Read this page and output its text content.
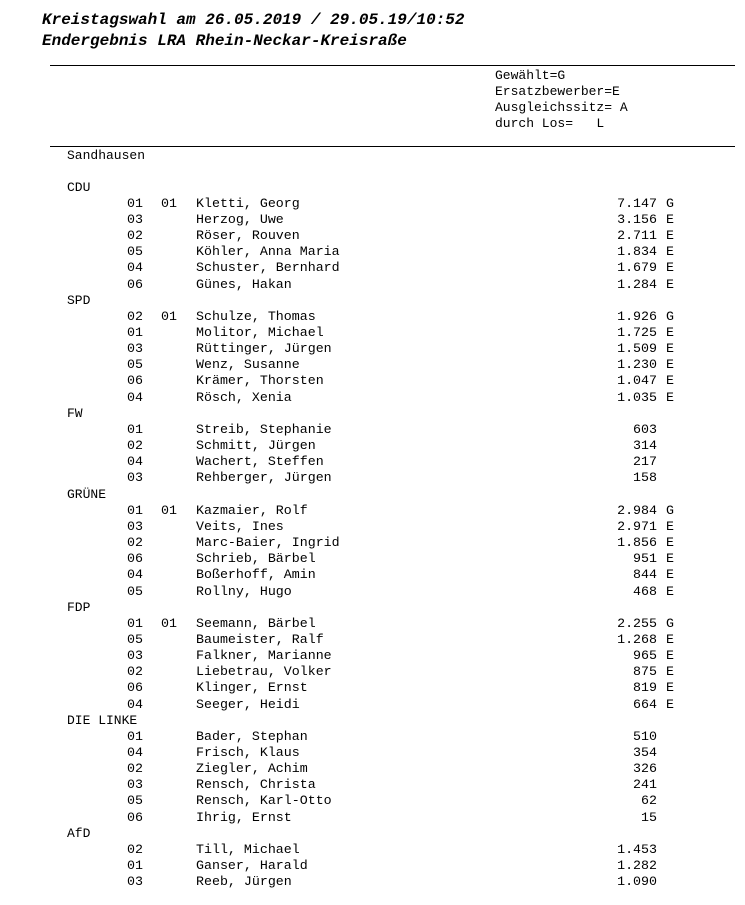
Kreistagswahl am 26.05.2019 / 29.05.19/10:52
Endergebnis LRA Rhein-Neckar-Kreisraße
Gewählt=G
Ersatzbewerber=E
Ausgleichssitz= A
durch Los=   L
Sandhausen
CDU
01 01 Kletti, Georg	7.147 G
03	Herzog, Uwe	3.156 E
02	Röser, Rouven	2.711 E
05	Köhler, Anna Maria	1.834 E
04	Schuster, Bernhard	1.679 E
06	Günes, Hakan	1.284 E
SPD
02 01 Schulze, Thomas	1.926 G
01	Molitor, Michael	1.725 E
03	Rüttinger, Jürgen	1.509 E
05	Wenz, Susanne	1.230 E
06	Krämer, Thorsten	1.047 E
04	Rösch, Xenia	1.035 E
FW
01	Streib, Stephanie	603
02	Schmitt, Jürgen	314
04	Wachert, Steffen	217
03	Rehberger, Jürgen	158
GRÜNE
01 01 Kazmaier, Rolf	2.984 G
03	Veits, Ines	2.971 E
02	Marc-Baier, Ingrid	1.856 E
06	Schrieb, Bärbel	951 E
04	Boßerhoff, Amin	844 E
05	Rollny, Hugo	468 E
FDP
01 01 Seemann, Bärbel	2.255 G
05	Baumeister, Ralf	1.268 E
03	Falkner, Marianne	965 E
02	Liebetrau, Volker	875 E
06	Klinger, Ernst	819 E
04	Seeger, Heidi	664 E
DIE LINKE
01	Bader, Stephan	510
04	Frisch, Klaus	354
02	Ziegler, Achim	326
03	Rensch, Christa	241
05	Rensch, Karl-Otto	62
06	Ihrig, Ernst	15
AfD
02	Till, Michael	1.453
01	Ganser, Harald	1.282
03	Reeb, Jürgen	1.090
